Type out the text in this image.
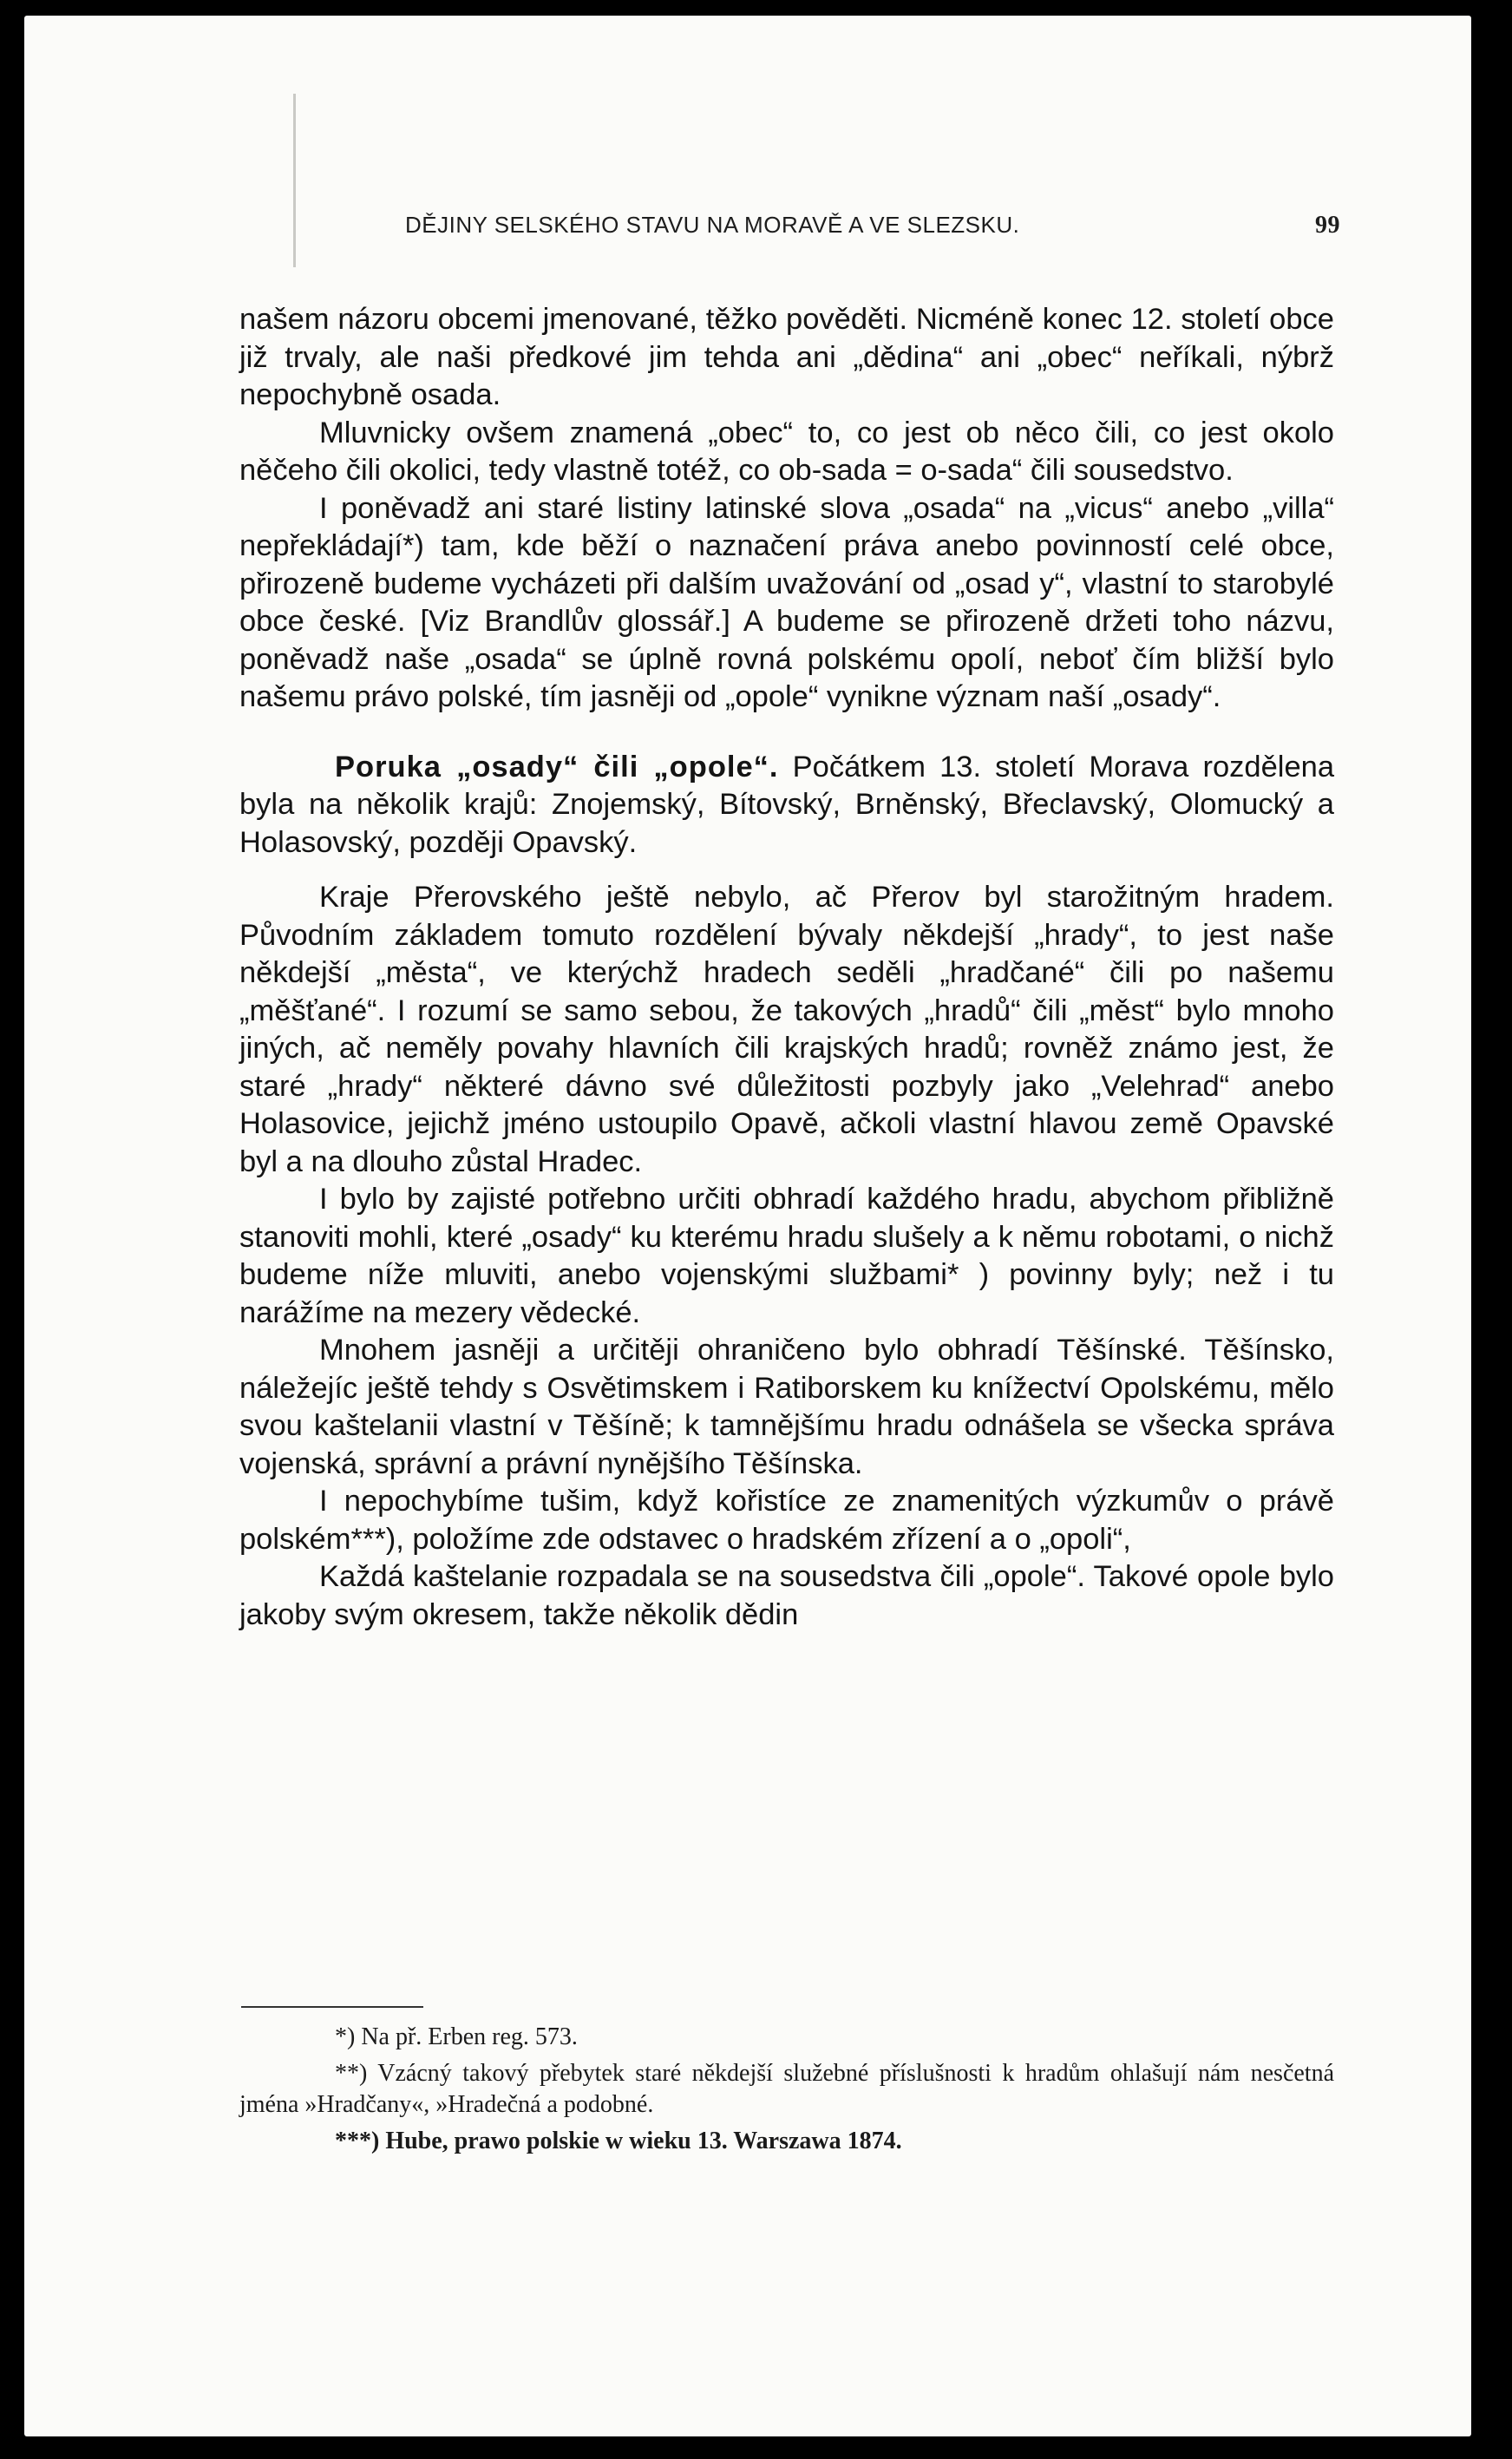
DĚJINY SELSKÉHO STAVU NA MORAVĚ A VE SLEZSKU.	99

našem názoru obcemi jmenované, těžko pověděti. Nicméně konec 12. století obce již trvaly, ale naši předkové jim tehda ani „dědina“ ani „obec“ neříkali, nýbrž nepochybně osada.

Mluvnicky ovšem znamená „obec“ to, co jest ob něco čili, co jest okolo něčeho čili okolici, tedy vlastně totéž, co ob-sada = o-sada“ čili sousedstvo.

I poněvadž ani staré listiny latinské slova „osada“ na „vicus“ anebo „villa“ nepřekládají*) tam, kde běží o naznačení práva anebo povinností celé obce, přirozeně budeme vycházeti při dalším uvažování od „osad y“, vlastní to starobylé obce české. [Viz Brandlův glossář.] A budeme se přirozeně držeti toho názvu, poněvadž naše „osada“ se úplně rovná polskému opolí, neboť čím bližší bylo našemu právo polské, tím jasněji od „opole“ vynikne význam naší „osady“.

Poruka „osady“ čili „opole“. Počátkem 13. století Morava rozdělena byla na několik krajů: Znojemský, Bítovský, Brněnský, Břeclavský, Olomucký a Holasovský, později Opavský.

Kraje Přerovského ještě nebylo, ač Přerov byl starožitným hradem. Původním základem tomuto rozdělení bývaly někdejší „hrady“, to jest naše někdejší „města“, ve kterýchž hradech seděli „hradčané“ čili po našemu „měšťané“. I rozumí se samo sebou, že takových „hradů“ čili „měst“ bylo mnoho jiných, ač neměly povahy hlavních čili krajských hradů; rovněž známo jest, že staré „hrady“ některé dávno své důležitosti pozbyly jako „Velehrad“ anebo Holasovice, jejichž jméno ustoupilo Opavě, ačkoli vlastní hlavou země Opavské byl a na dlouho zůstal Hradec.

I bylo by zajisté potřebno určiti obhradí každého hradu, abychom přibližně stanoviti mohli, které „osady“ ku kterému hradu slušely a k němu robotami, o nichž budeme níže mluviti, anebo vojenskými službami* ) povinny byly; než i tu narážíme na mezery vědecké.

Mnohem jasněji a určitěji ohraničeno bylo obhradí Těšínské. Těšínsko, náležejíc ještě tehdy s Osvětimskem i Ratiborskem ku knížectví Opolskému, mělo svou kaštelanii vlastní v Těšíně; k tamnějšímu hradu odnášela se všecka správa vojenská, správní a právní nynějšího Těšínska.

I nepochybíme tušim, když kořistíce ze znamenitých výzkumův o právě polském***), položíme zde odstavec o hradském zřízení a o „opoli“,

Každá kaštelanie rozpadala se na sousedstva čili „opole“. Takové opole bylo jakoby svým okresem, takže několik dědin

*) Na př. Erben reg. 573.

**) Vzácný takový přebytek staré někdejší služebné příslušnosti k hradům ohlašují nám nesčetná jména »Hradčany«, »Hradečná a podobné.

***) Hube, prawo polskie w wieku 13. Warszawa 1874.
